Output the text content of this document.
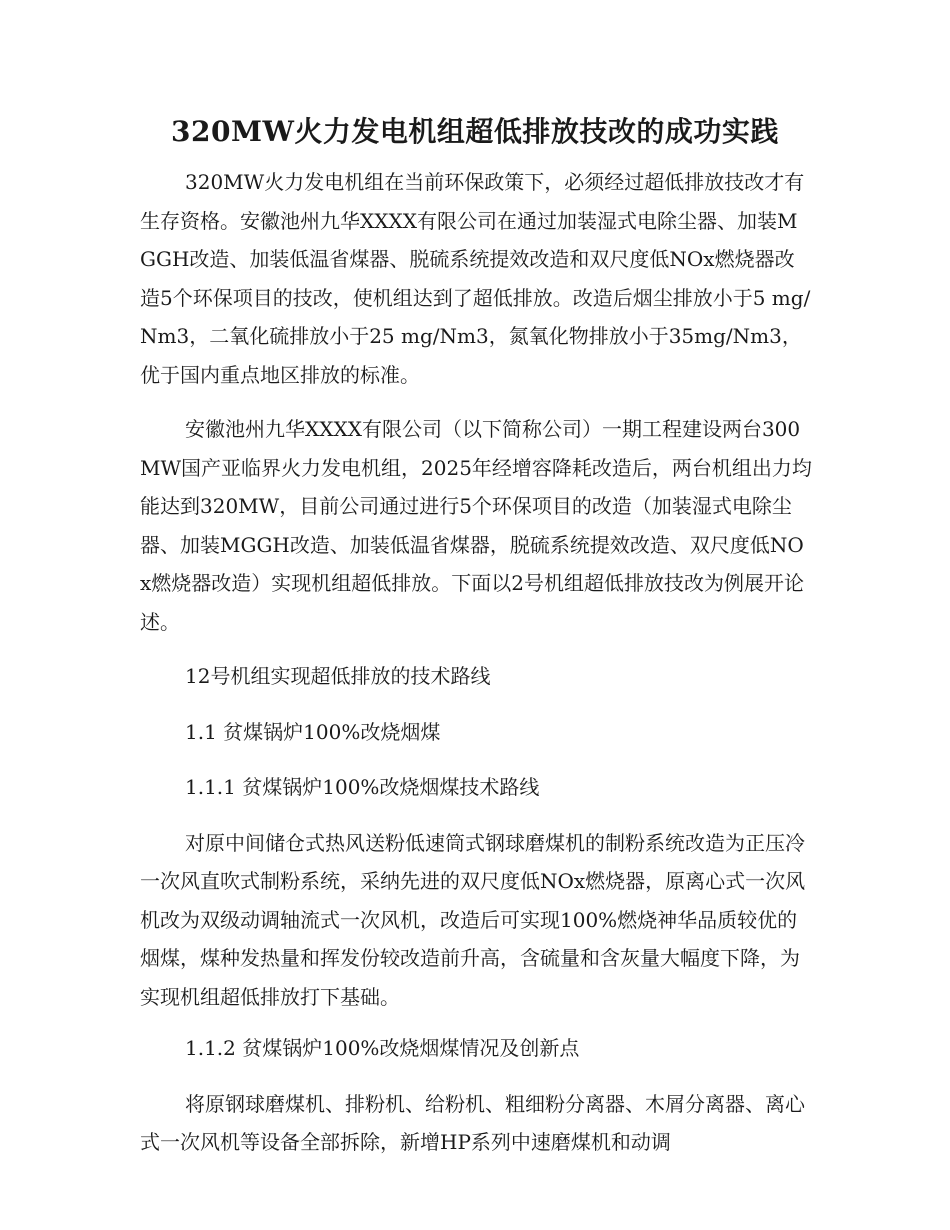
320MW火力发电机组超低排放技改的成功实践

320MW火力发电机组在当前环保政策下，必须经过超低排放技改才有生存资格。安徽池州九华XXXX有限公司在通过加装湿式电除尘器、加装MGGH改造、加装低温省煤器、脱硫系统提效改造和双尺度低NOx燃烧器改造5个环保项目的技改，使机组达到了超低排放。改造后烟尘排放小于5 mg/Nm3，二氧化硫排放小于25 mg/Nm3，氮氧化物排放小于35mg/Nm3，优于国内重点地区排放的标准。

安徽池州九华XXXX有限公司（以下简称公司）一期工程建设两台300MW国产亚临界火力发电机组，2025年经增容降耗改造后，两台机组出力均能达到320MW，目前公司通过进行5个环保项目的改造（加装湿式电除尘器、加装MGGH改造、加装低温省煤器，脱硫系统提效改造、双尺度低NOx燃烧器改造）实现机组超低排放。下面以2号机组超低排放技改为例展开论述。

12号机组实现超低排放的技术路线

1.1 贫煤锅炉100%改烧烟煤

1.1.1 贫煤锅炉100%改烧烟煤技术路线

对原中间储仓式热风送粉低速筒式钢球磨煤机的制粉系统改造为正压冷一次风直吹式制粉系统，采纳先进的双尺度低NOx燃烧器，原离心式一次风机改为双级动调轴流式一次风机，改造后可实现100%燃烧神华品质较优的烟煤，煤种发热量和挥发份较改造前升高，含硫量和含灰量大幅度下降，为实现机组超低排放打下基础。

1.1.2 贫煤锅炉100%改烧烟煤情况及创新点

将原钢球磨煤机、排粉机、给粉机、粗细粉分离器、木屑分离器、离心式一次风机等设备全部拆除，新增HP系列中速磨煤机和动调
